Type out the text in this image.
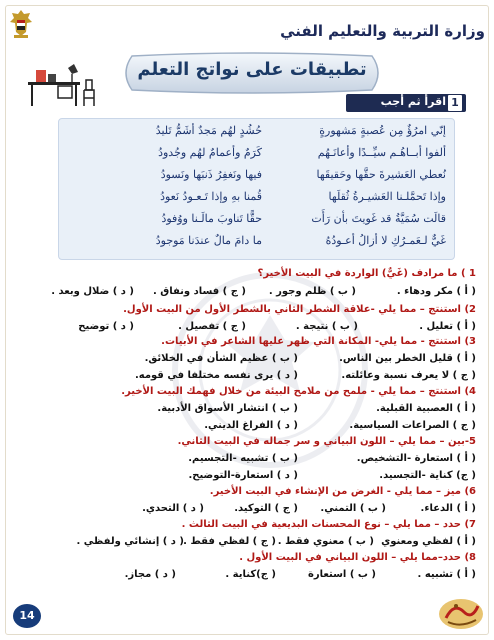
وزارة التربية والتعليم الفني
تطبيقات على نواتج التعلم
اقرأ ثم أجب 1
إنّي امرُؤٌ مِن عُصبةٍ مَشهورةٍ
حُشُدٍ لهُم مَجدٌ أشَمُّ تَليدُ
ألفوا أبــاهُـم سيِّــدًا وأعانَـهُم
كَرَمٌ وأعمامٌ لهُم وجُدودُ
نُعطي العَشيرةَ حقَّها وحَقيقَها
فيها ونَغفِرُ ذَنبَها ونَسودُ
وإذا تَحمَّلـنا العَشيـرةُ ثُقلَها
قُمنا بهِ وإذا تَـعـودُ نَعودُ
قالَت سُمَيَّةُ قد غَويتَ بأن رَأَت
حقًّا تَناوبَ مالَـنا ووُفودُ
غَيٌّ لـعَمـرُكِ لا أزالُ أعـودُهُ
ما دامَ مالٌ عندَنا مَوجودُ
1 ) ما مرادف (غَيٌّ) الواردة في البيت الأخير؟
( أ ) مكر ودهاء .
( ب ) ظلم وجور .
( ج ) فساد ونفاق .
( د ) ضلال وبعد .
2) استنتج – مما يلي -علاقة الشطر الثاني بالشطر الأول من البيت الأول.
( أ ) تعليل .
( ب ) نتيجة .
( ج ) تفصيل .
( د ) توضيح
3) استنتج - مما يلي- المكانة التي ظهر عليها الشاعر في الأبيات.
( أ ) قليل الخطر بين الناس.
( ب ) عظيم الشأن في الخلائق.
( ج ) لا يعرف نسبة وعائلته.
( د ) يرى نفسه مختلفا في قومه.
4) استنتج – مما يلي - ملمح من ملامح البيئة من خلال فهمك البيت الأخير.
( أ ) العصبية القبلية.
( ب ) انتشار الأسواق الأدبية.
( ج ) الصراعات السياسية.
( د ) الفراغ الديني.
5-بين – مما يلي – اللون البياني و سر جماله في البيت الثاني.
( أ ) استعارة -التشخيص.
( ب ) تشبيه -التجسيم.
( ج) كناية -التجسيد.
( د ) استعارة-التوضيح.
6) ميز – مما يلي - الغرض من الإنشاء في البيت الأخير.
( أ ) الدعاء.
( ب ) التمني.
( ج ) التوكيد.
( د ) التحدي.
7) حدد – مما يلي – نوع المحسنات البديعية في البيت الثالث .
( أ ) لفظي ومعنوي
( ب ) معنوي فقط .
( ج ) لفظي فقط .
( د ) إنشائي ولفظي .
8) حدد–مما يلي – اللون البياني في البيت الأول .
( أ ) تشبيه .
( ب ) استعارة
( ج)كناية .
( د ) مجاز.
14
